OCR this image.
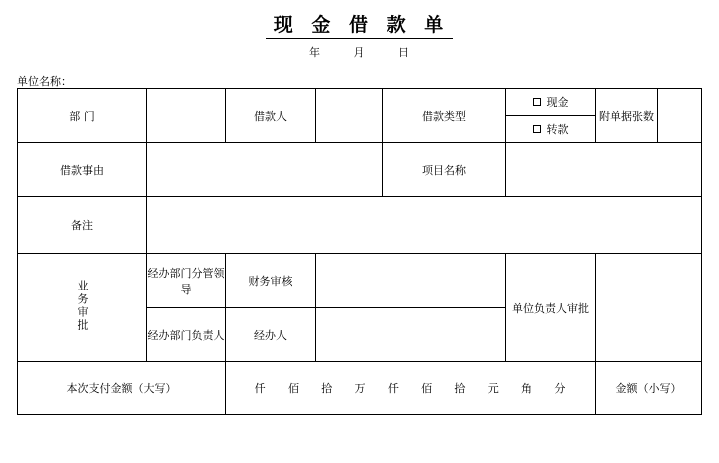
现 金 借 款 单
年	月	日
单位名称：
部 门		借款人		借款类型	现金	附单据张数	

					转款		

借款事由				项目名称			
备注							
业务审批	经办部门分管领导	财务审核			单位负责人审批		
	经办部门负责人	经办人					
本次支付金额（大写）	仟 佰 拾 万 仟 佰 拾 元 角 分	金额（小写）
